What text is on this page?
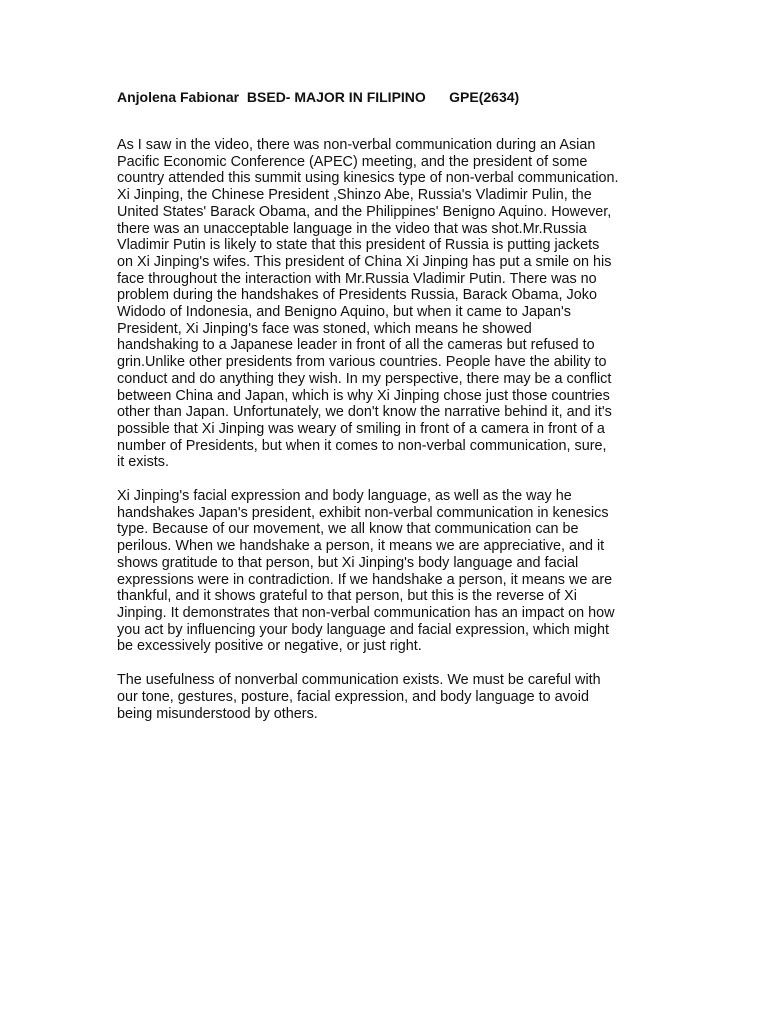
Anjolena Fabionar  BSED- MAJOR IN FILIPINO      GPE(2634)

As I saw in the video, there was non-verbal communication during an Asian
Pacific Economic Conference (APEC) meeting, and the president of some
country attended this summit using kinesics type of non-verbal communication.
Xi Jinping, the Chinese President ,Shinzo Abe, Russia's Vladimir Pulin, the
United States' Barack Obama, and the Philippines' Benigno Aquino. However,
there was an unacceptable language in the video that was shot.Mr.Russia
Vladimir Putin is likely to state that this president of Russia is putting jackets
on Xi Jinping's wifes. This president of China Xi Jinping has put a smile on his
face throughout the interaction with Mr.Russia Vladimir Putin. There was no
problem during the handshakes of Presidents Russia, Barack Obama, Joko
Widodo of Indonesia, and Benigno Aquino, but when it came to Japan's
President, Xi Jinping's face was stoned, which means he showed
handshaking to a Japanese leader in front of all the cameras but refused to
grin.Unlike other presidents from various countries. People have the ability to
conduct and do anything they wish. In my perspective, there may be a conflict
between China and Japan, which is why Xi Jinping chose just those countries
other than Japan. Unfortunately, we don't know the narrative behind it, and it's
possible that Xi Jinping was weary of smiling in front of a camera in front of a
number of Presidents, but when it comes to non-verbal communication, sure,
it exists.

Xi Jinping's facial expression and body language, as well as the way he
handshakes Japan's president, exhibit non-verbal communication in kenesics
type. Because of our movement, we all know that communication can be
perilous. When we handshake a person, it means we are appreciative, and it
shows gratitude to that person, but Xi Jinping's body language and facial
expressions were in contradiction. If we handshake a person, it means we are
thankful, and it shows grateful to that person, but this is the reverse of Xi
Jinping. It demonstrates that non-verbal communication has an impact on how
you act by influencing your body language and facial expression, which might
be excessively positive or negative, or just right.

The usefulness of nonverbal communication exists. We must be careful with
our tone, gestures, posture, facial expression, and body language to avoid
being misunderstood by others.
